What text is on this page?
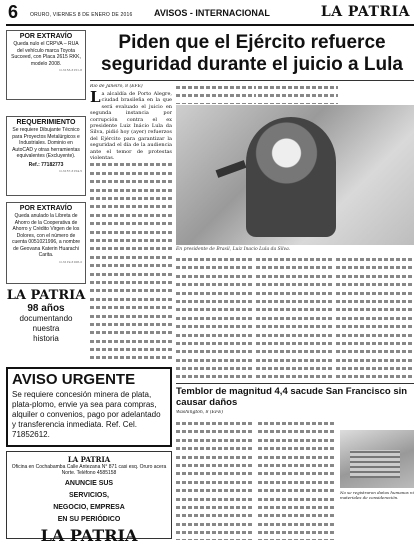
6 ORURO, VIERNES 8 DE ENERO DE 2016 AVISOS - INTERNACIONAL	LA PATRIA
POR EXTRAVÍO

Queda nulo el CRPVA – RUA del vehículo marca Toyota Succeed, con Placa 2615 RKK, modelo 2008.

O-3153-3151-8
REQUERIMIENTO

Se requiere Dibujante Técnico para Proyectos Metalúrgicos e Industriales. Dominio en AutoCAD y otras herramientas equivalentes (Excluyente).

Ref.: 77182773

O-3157-3154-5
POR EXTRAVÍO

Queda anulado la Libreta de Ahorro de la Cooperativa de Ahorro y Crédito Virgen de los Dolores, con el número de cuenta 0051021996, a nombre de Geovana Katerin Huarachi Carita.

O-3119-3108-2
LA PATRIA
98 años
documentando
nuestra
historia
Piden que el Ejército refuerce seguridad durante el juicio a Lula
Río de Janeiro, 8 (EFE)
L a alcaldía de Porto Alegre, ciudad brasileña en la que será evaluado el juicio en segunda instancia por corrupción contra el ex presidente Luiz Inácio Lula da Silva, pidió hoy (ayer) refuerzos del Ejército para garantizar la seguridad el día de la audiencia ante el temor de protestas violentas.
En presidente de Brasil, Luiz Inacio Lula da Silva.
AVISO URGENTE

Se requiere concesión minera de plata, plata-plomo, envie ya sea para compras, alquiler o convenios, pago por adelantado y transferencia inmediata. Ref. Cel. 71852612.

LA PATRIA

Oficina en Cochabamba Calle Antezana N° 871 casi esq. Oruro acera Norte. Teléfono 4585158

ANUNCIE SUS
SERVICIOS,
NEGOCIO, EMPRESA
EN SU PERIÓDICO
LA PATRIA
Temblor de magnitud 4,4 sacude San Francisco sin causar daños
Washington, 8 (EFE)
No se registraron daños humanos ni materiales de consideración.
